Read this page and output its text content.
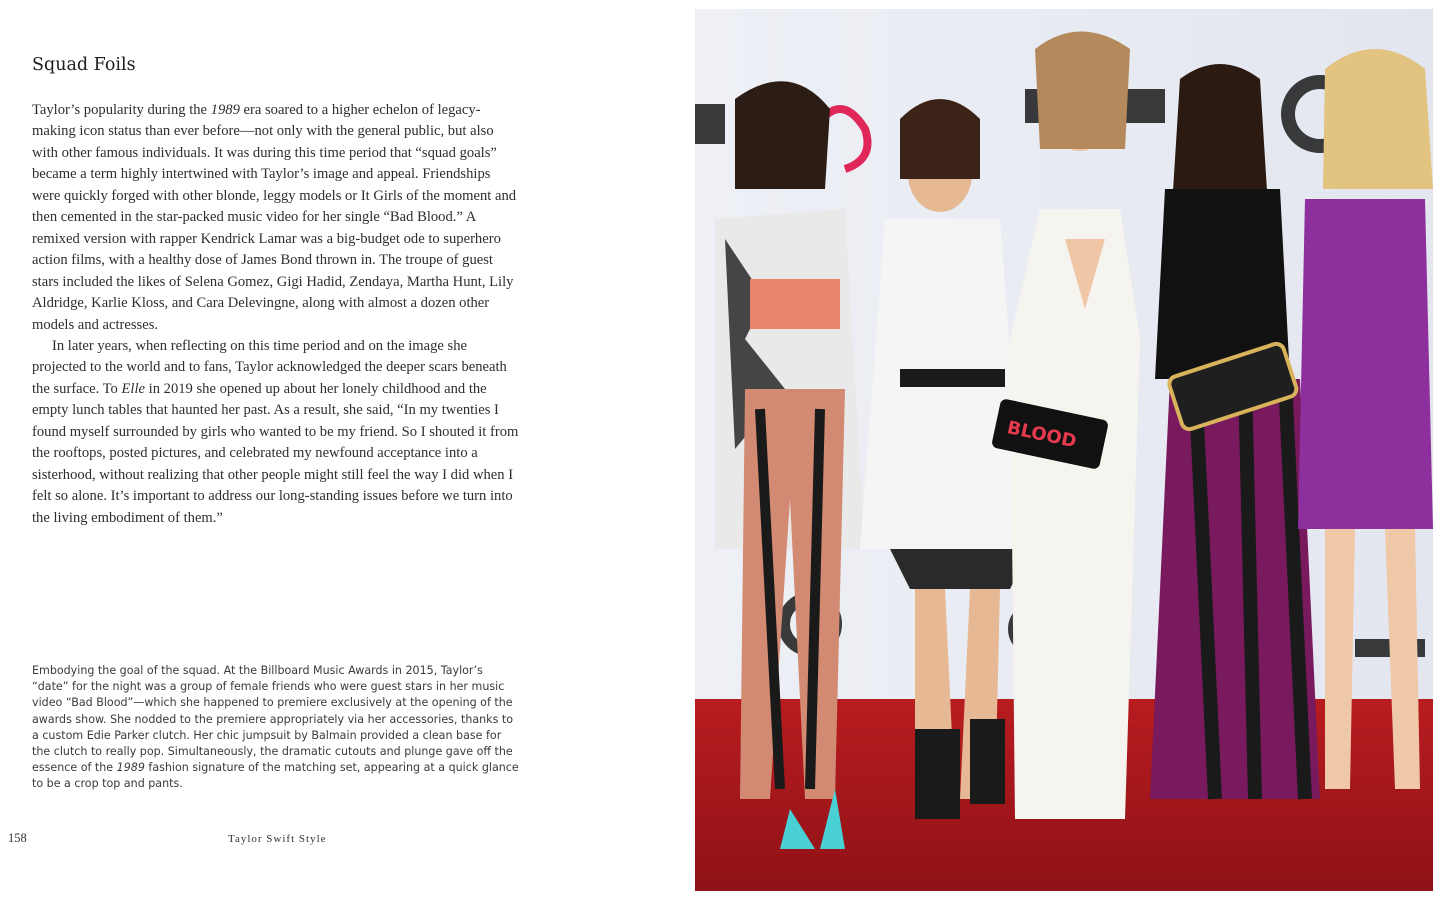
Squad Foils

Taylor’s popularity during the 1989 era soared to a higher echelon of legacy-making icon status than ever before—not only with the general public, but also with other famous individuals. It was during this time period that “squad goals” became a term highly intertwined with Taylor’s image and appeal. Friendships were quickly forged with other blonde, leggy models or It Girls of the moment and then cemented in the star-packed music video for her single “Bad Blood.” A remixed version with rapper Kendrick Lamar was a big-budget ode to superhero action films, with a healthy dose of James Bond thrown in. The troupe of guest stars included the likes of Selena Gomez, Gigi Hadid, Zendaya, Martha Hunt, Lily Aldridge, Karlie Kloss, and Cara Delevingne, along with almost a dozen other models and actresses.

In later years, when reflecting on this time period and on the image she projected to the world and to fans, Taylor acknowledged the deeper scars beneath the surface. To Elle in 2019 she opened up about her lonely childhood and the empty lunch tables that haunted her past. As a result, she said, “In my twenties I found myself surrounded by girls who wanted to be my friend. So I shouted it from the rooftops, posted pictures, and celebrated my newfound acceptance into a sisterhood, without realizing that other people might still feel the way I did when I felt so alone. It’s important to address our long-standing issues before we turn into the living embodiment of them.”

Embodying the goal of the squad. At the Billboard Music Awards in 2015, Taylor’s “date” for the night was a group of female friends who were guest stars in her music video “Bad Blood”—which she happened to premiere exclusively at the opening of the awards show. She nodded to the premiere appropriately via her accessories, thanks to a custom Edie Parker clutch. Her chic jumpsuit by Balmain provided a clean base for the clutch to really pop. Simultaneously, the dramatic cutouts and plunge gave off the essence of the 1989 fashion signature of the matching set, appearing at a quick glance to be a crop top and pants.
158	Taylor Swift Style
BLOOD
